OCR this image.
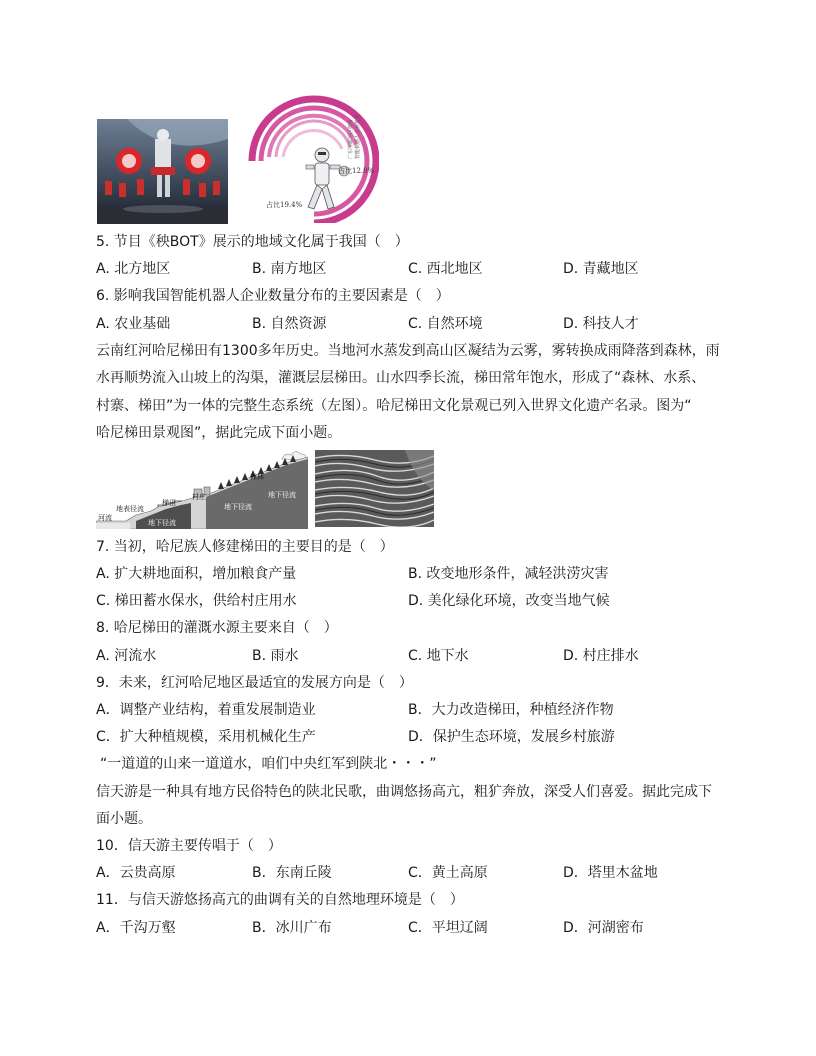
广东所属地区拥有 智能机器人企业数量
占比12.0%
占比19.4%
5. 节目《秧BOT》展示的地域文化属于我国（　）
A. 北方地区	B. 南方地区	C. 西北地区	D. 青藏地区
6. 影响我国智能机器人企业数量分布的主要因素是（　）
A. 农业基础	B. 自然资源	C. 自然环境	D. 科技人才
云南红河哈尼梯田有1300多年历史。当地河水蒸发到高山区凝结为云雾，雾转换成雨降落到森林，雨
水再顺势流入山坡上的沟渠，灌溉层层梯田。山水四季长流，梯田常年饱水，形成了“森林、水系、
村寨、梯田”为一体的完整生态系统（左图）。哈尼梯田文化景观已列入世界文化遗产名录。图为“
哈尼梯田景观图”，据此完成下面小题。
森林
村庄
梯田
地表径流
河流
地下径流
地下径流
地下径流
7. 当初，哈尼族人修建梯田的主要目的是（　）
A. 扩大耕地面积，增加粮食产量	B. 改变地形条件，减轻洪涝灾害
C. 梯田蓄水保水，供给村庄用水	D. 美化绿化环境，改变当地气候
8. 哈尼梯田的灌溉水源主要来自（　）
A. 河流水	B. 雨水	C. 地下水	D. 村庄排水
9．未来，红河哈尼地区最适宜的发展方向是（　）
A．调整产业结构，着重发展制造业	B．大力改造梯田，种植经济作物
C．扩大种植规模，采用机械化生产	D．保护生态环境，发展乡村旅游
“一道道的山来一道道水，咱们中央红军到陕北・・・”
信天游是一种具有地方民俗特色的陕北民歌，曲调悠扬高亢，粗犷奔放，深受人们喜爱。据此完成下
面小题。
10．信天游主要传唱于（　）
A．云贵高原	B．东南丘陵	C．黄土高原	D．塔里木盆地
11．与信天游悠扬高亢的曲调有关的自然地理环境是（　）
A．千沟万壑	B．冰川广布	C．平坦辽阔	D．河湖密布
